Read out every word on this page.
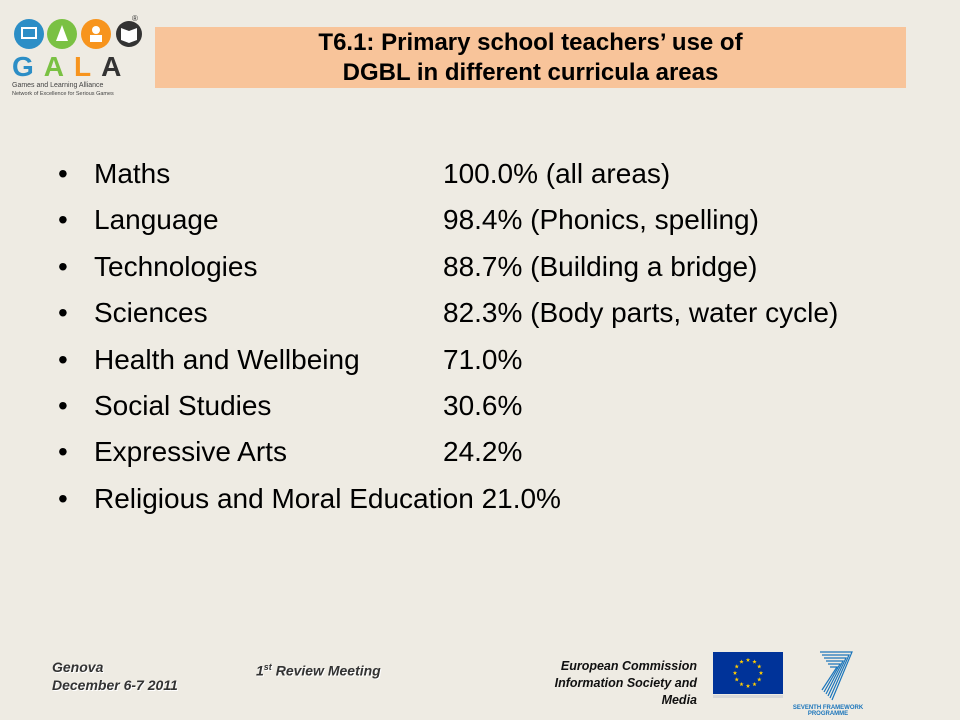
®
GALA
Games and Learning Alliance
Network of Excellence for Serious Games
T6.1: Primary school teachers’ use of
DGBL in different curricula areas
• Maths	100.0% (all areas)
• Language	98.4% (Phonics, spelling)
• Technologies	88.7% (Building a bridge)
• Sciences	82.3% (Body parts, water cycle)
• Health and Wellbeing	71.0%
• Social Studies	30.6%
• Expressive Arts	24.2%
• Religious and Moral Education 21.0%
Genova
December 6-7 2011
1st Review Meeting	European Commission
Information Society and
Media
SEVENTH FRAMEWORK
PROGRAMME
